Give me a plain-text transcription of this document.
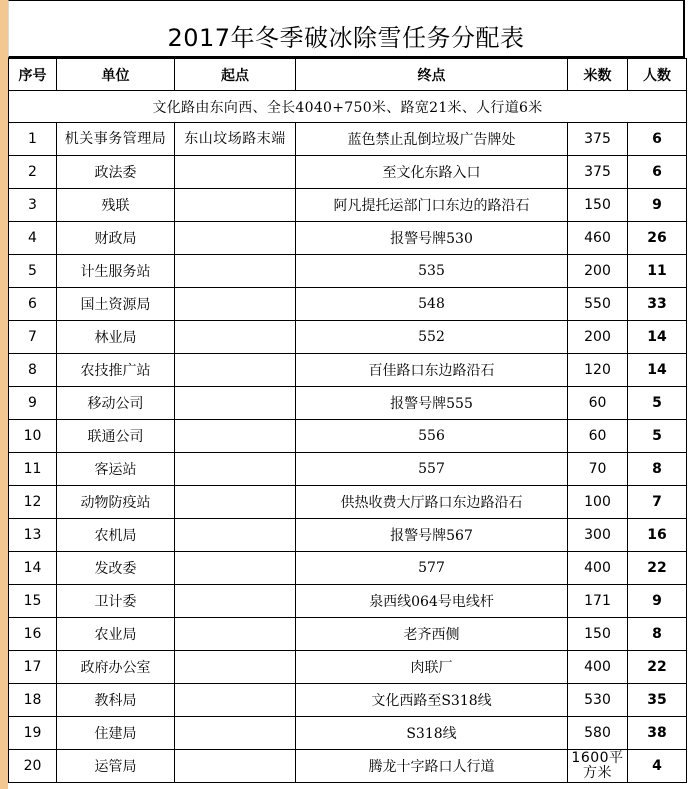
2017年冬季破冰除雪任务分配表
序号	单位	起点	终点	米数	人数
文化路由东向西、全长4040+750米、路宽21米、人行道6米					
1	机关事务管理局	东山坟场路末端	蓝色禁止乱倒垃圾广告牌处	375	6
2	政法委		至文化东路入口	375	6
3	残联		阿凡提托运部门口东边的路沿石	150	9
4	财政局		报警号牌530	460	26
5	计生服务站		535	200	11
6	国土资源局		548	550	33
7	林业局		552	200	14
8	农技推广站		百佳路口东边路沿石	120	14
9	移动公司		报警号牌555	60	5
10	联通公司		556	60	5
11	客运站		557	70	8
12	动物防疫站		供热收费大厅路口东边路沿石	100	7
13	农机局		报警号牌567	300	16
14	发改委		577	400	22
15	卫计委		泉西线064号电线杆	171	9
16	农业局		老齐西侧	150	8
17	政府办公室		肉联厂	400	22
18	教科局		文化西路至S318线	530	35
19	住建局		S318线	580	38
20	运管局		腾龙十字路口人行道	1600平方米	4
